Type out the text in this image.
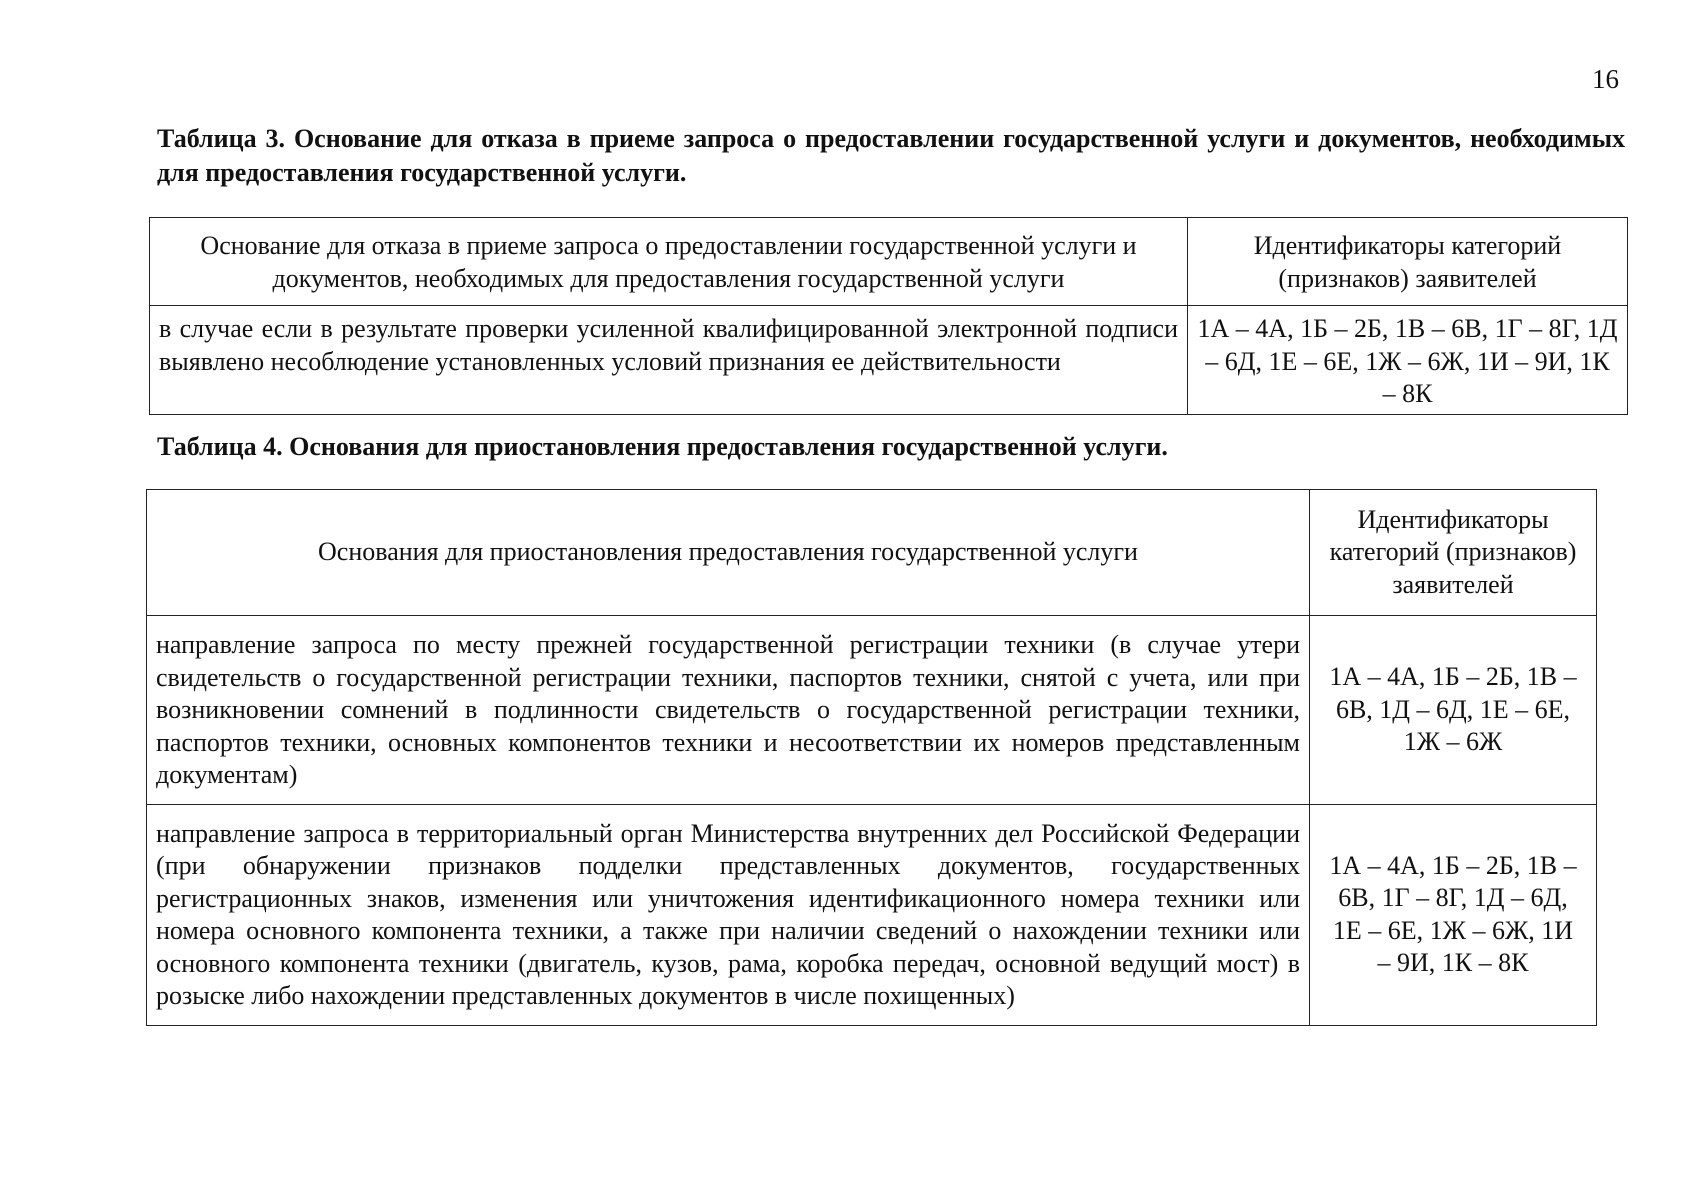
16
Таблица 3. Основание для отказа в приеме запроса о предоставлении государственной услуги и документов, необходимых для предоставления государственной услуги.
Основание для отказа в приеме запроса о предоставлении государственной услуги и документов, необходимых для предоставления государственной услуги	Идентификаторы категорий (признаков) заявителей
в случае если в результате проверки усиленной квалифицированной электронной подписи выявлено несоблюдение установленных условий признания ее действительности	1А – 4А, 1Б – 2Б, 1В – 6В, 1Г – 8Г, 1Д – 6Д, 1Е – 6Е, 1Ж – 6Ж, 1И – 9И, 1К – 8К
Таблица 4. Основания для приостановления предоставления государственной услуги.
Основания для приостановления предоставления государственной услуги	Идентификаторы категорий (признаков) заявителей
направление запроса по месту прежней государственной регистрации техники (в случае утери свидетельств о государственной регистрации техники, паспортов техники, снятой с учета, или при возникновении сомнений в подлинности свидетельств о государственной регистрации техники, паспортов техники, основных компонентов техники и несоответствии их номеров представленным документам)	1А – 4А, 1Б – 2Б, 1В – 6В, 1Д – 6Д, 1Е – 6Е, 1Ж – 6Ж
направление запроса в территориальный орган Министерства внутренних дел Российской Федерации (при обнаружении признаков подделки представленных документов, государственных регистрационных знаков, изменения или уничтожения идентификационного номера техники или номера основного компонента техники, а также при наличии сведений о нахождении техники или основного компонента техники (двигатель, кузов, рама, коробка передач, основной ведущий мост) в розыске либо нахождении представленных документов в числе похищенных)	1А – 4А, 1Б – 2Б, 1В – 6В, 1Г – 8Г, 1Д – 6Д, 1Е – 6Е, 1Ж – 6Ж, 1И – 9И, 1К – 8К
